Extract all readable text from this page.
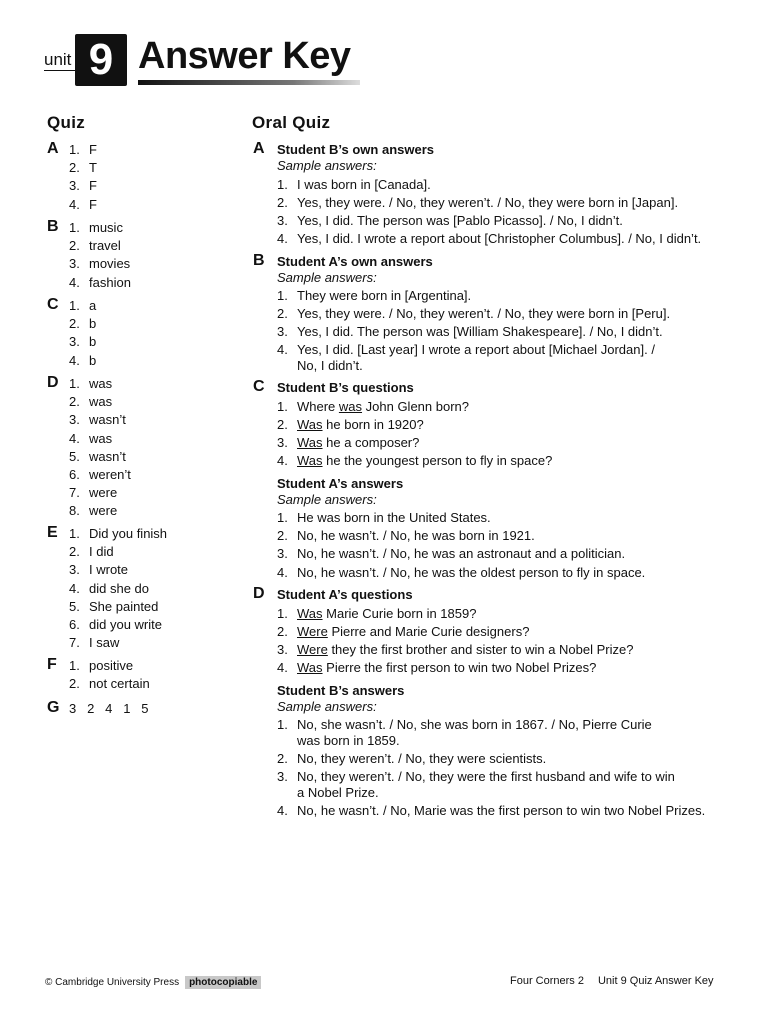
unit 9 Answer Key
Quiz
A 1. F
2. T
3. F
4. F
B 1. music
2. travel
3. movies
4. fashion
C 1. a
2. b
3. b
4. b
D 1. was
2. was
3. wasn’t
4. was
5. wasn’t
6. weren’t
7. were
8. were
E 1. Did you finish
2. I did
3. I wrote
4. did she do
5. She painted
6. did you write
7. I saw
F 1. positive
2. not certain
G 3   2   4   1   5
Oral Quiz
A Student B’s own answers
Sample answers:
1. I was born in [Canada].
2. Yes, they were. / No, they weren’t. / No, they were born in [Japan].
3. Yes, I did. The person was [Pablo Picasso]. / No, I didn’t.
4. Yes, I did. I wrote a report about [Christopher Columbus]. / No, I didn’t.
B Student A’s own answers
Sample answers:
1. They were born in [Argentina].
2. Yes, they were. / No, they weren’t. / No, they were born in [Peru].
3. Yes, I did. The person was [William Shakespeare]. / No, I didn’t.
4. Yes, I did. [Last year] I wrote a report about [Michael Jordan]. /
No, I didn’t.
C Student B’s questions
1. Where was John Glenn born?
2. Was he born in 1920?
3. Was he a composer?
4. Was he the youngest person to fly in space?
Student A’s answers
Sample answers:
1. He was born in the United States.
2. No, he wasn’t. / No, he was born in 1921.
3. No, he wasn’t. / No, he was an astronaut and a politician.
4. No, he wasn’t. / No, he was the oldest person to fly in space.
D Student A’s questions
1. Was Marie Curie born in 1859?
2. Were Pierre and Marie Curie designers?
3. Were they the first brother and sister to win a Nobel Prize?
4. Was Pierre the first person to win two Nobel Prizes?
Student B’s answers
Sample answers:
1. No, she wasn’t. / No, she was born in 1867. / No, Pierre Curie
was born in 1859.
2. No, they weren’t. / No, they were scientists.
3. No, they weren’t. / No, they were the first husband and wife to win
a Nobel Prize.
4. No, he wasn’t. / No, Marie was the first person to win two Nobel Prizes.
© Cambridge University Press photocopiable	Four Corners 2 Unit 9 Quiz Answer Key
